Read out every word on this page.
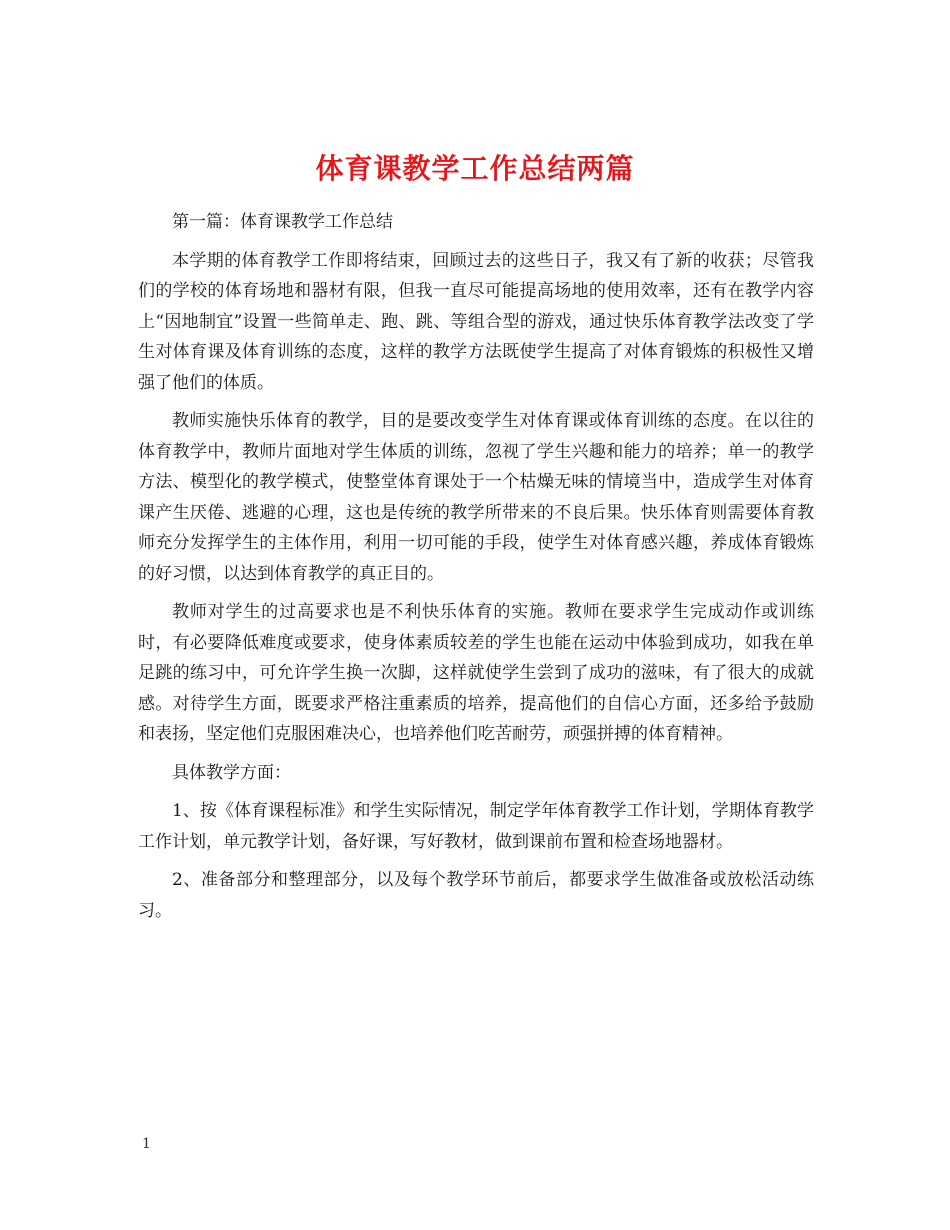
体育课教学工作总结两篇

第一篇：体育课教学工作总结

本学期的体育教学工作即将结束，回顾过去的这些日子，我又有了新的收获；尽管我们的学校的体育场地和器材有限，但我一直尽可能提高场地的使用效率，还有在教学内容上“因地制宜”设置一些简单走、跑、跳、等组合型的游戏，通过快乐体育教学法改变了学生对体育课及体育训练的态度，这样的教学方法既使学生提高了对体育锻炼的积极性又增强了他们的体质。

教师实施快乐体育的教学，目的是要改变学生对体育课或体育训练的态度。在以往的体育教学中，教师片面地对学生体质的训练，忽视了学生兴趣和能力的培养；单一的教学方法、模型化的教学模式，使整堂体育课处于一个枯燥无味的情境当中，造成学生对体育课产生厌倦、逃避的心理，这也是传统的教学所带来的不良后果。快乐体育则需要体育教师充分发挥学生的主体作用，利用一切可能的手段，使学生对体育感兴趣，养成体育锻炼的好习惯，以达到体育教学的真正目的。

教师对学生的过高要求也是不利快乐体育的实施。教师在要求学生完成动作或训练时，有必要降低难度或要求，使身体素质较差的学生也能在运动中体验到成功，如我在单足跳的练习中，可允许学生换一次脚，这样就使学生尝到了成功的滋味，有了很大的成就感。对待学生方面，既要求严格注重素质的培养，提高他们的自信心方面，还多给予鼓励和表扬，坚定他们克服困难决心，也培养他们吃苦耐劳，顽强拼搏的体育精神。

具体教学方面：

1、按《体育课程标准》和学生实际情况，制定学年体育教学工作计划，学期体育教学工作计划，单元教学计划，备好课，写好教材，做到课前布置和检查场地器材。

2、准备部分和整理部分，以及每个教学环节前后，都要求学生做准备或放松活动练习。

1
